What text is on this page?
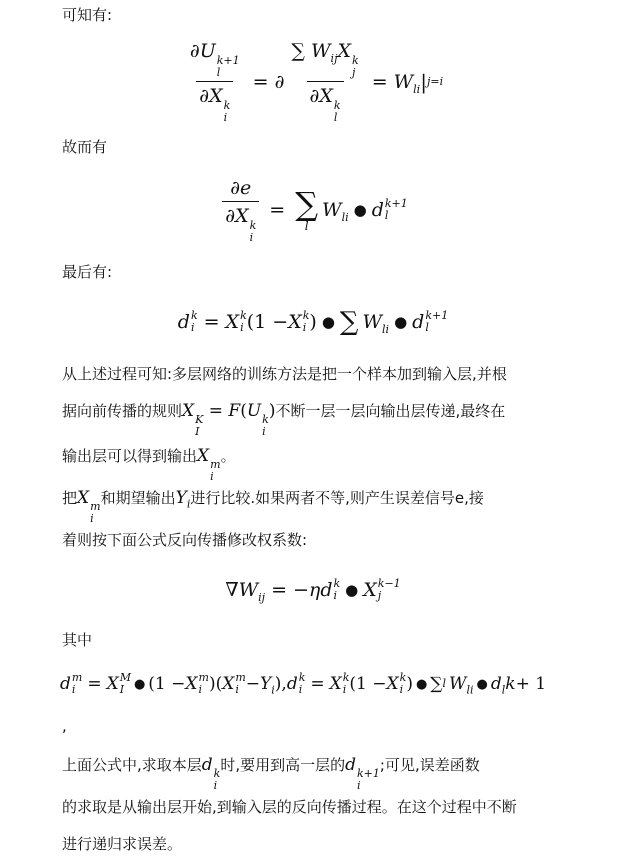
可知有:
∂U k+1
l
∂X k
i = ∂ ∑ $W_{ij}X$ k
j
∂X k
$l = W_{li}$ | j=i
故而有
∂e
∂X k
i = ∑
l
$W_{li}$ ● d k+1
l
最后有:
d k
i = X k
i (1 − X k
i ) ● ∑ $W_{li}$ ● d k+1
l
从上述过程可知:多层网络的训练方法是把一个样本加到输入层,并根
据向前传播的规则X K
I
= F(U k
i
)不断一层一层向输出层传递,最终在
输出层可以得到输出X m
i
。
把X m
i
和期望输出$Y_i$进行比较.如果两者不等,则产生误差信号e,接
着则按下面公式反向传播修改权系数:
∇ $W_{ij}$ = − η d k
i ● X k−1
j
其中
d m
i = X M
I ● (1 − X m
i )( X m
$i - Y_i$ ), d k
i = X k
i (1 − X k
i ) ● ∑ l $W_{li}$ ● $d_lk + 1$
,
上面公式中,求取本层d k
i
时,要用到高一层的d k+1
i
;可见,误差函数
的求取是从输出层开始,到输入层的反向传播过程。在这个过程中不断
进行递归求误差。
